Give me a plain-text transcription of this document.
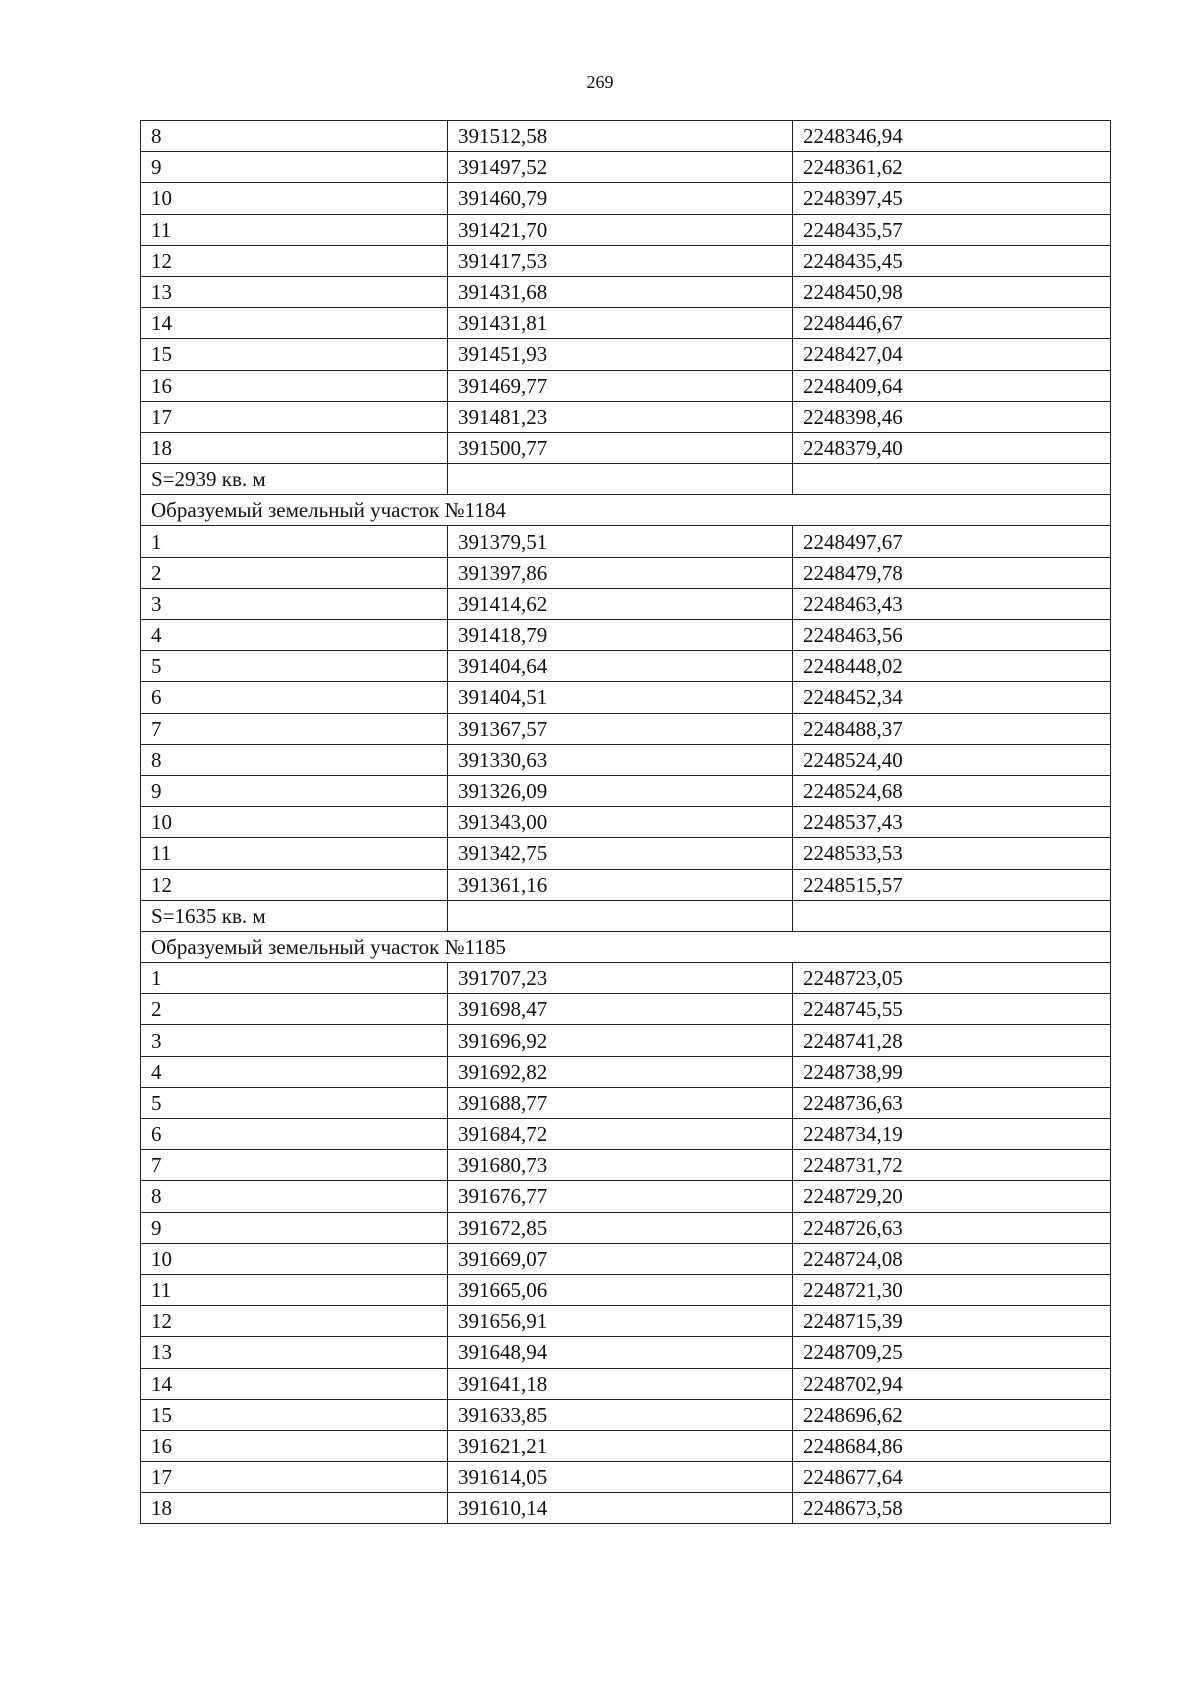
269
8	391512,58	2248346,94
9	391497,52	2248361,62
10	391460,79	2248397,45
11	391421,70	2248435,57
12	391417,53	2248435,45
13	391431,68	2248450,98
14	391431,81	2248446,67
15	391451,93	2248427,04
16	391469,77	2248409,64
17	391481,23	2248398,46
18	391500,77	2248379,40
S=2939 кв. м		
Образуемый земельный участок №1184		
1	391379,51	2248497,67
2	391397,86	2248479,78
3	391414,62	2248463,43
4	391418,79	2248463,56
5	391404,64	2248448,02
6	391404,51	2248452,34
7	391367,57	2248488,37
8	391330,63	2248524,40
9	391326,09	2248524,68
10	391343,00	2248537,43
11	391342,75	2248533,53
12	391361,16	2248515,57
S=1635 кв. м		
Образуемый земельный участок №1185		
1	391707,23	2248723,05
2	391698,47	2248745,55
3	391696,92	2248741,28
4	391692,82	2248738,99
5	391688,77	2248736,63
6	391684,72	2248734,19
7	391680,73	2248731,72
8	391676,77	2248729,20
9	391672,85	2248726,63
10	391669,07	2248724,08
11	391665,06	2248721,30
12	391656,91	2248715,39
13	391648,94	2248709,25
14	391641,18	2248702,94
15	391633,85	2248696,62
16	391621,21	2248684,86
17	391614,05	2248677,64
18	391610,14	2248673,58
